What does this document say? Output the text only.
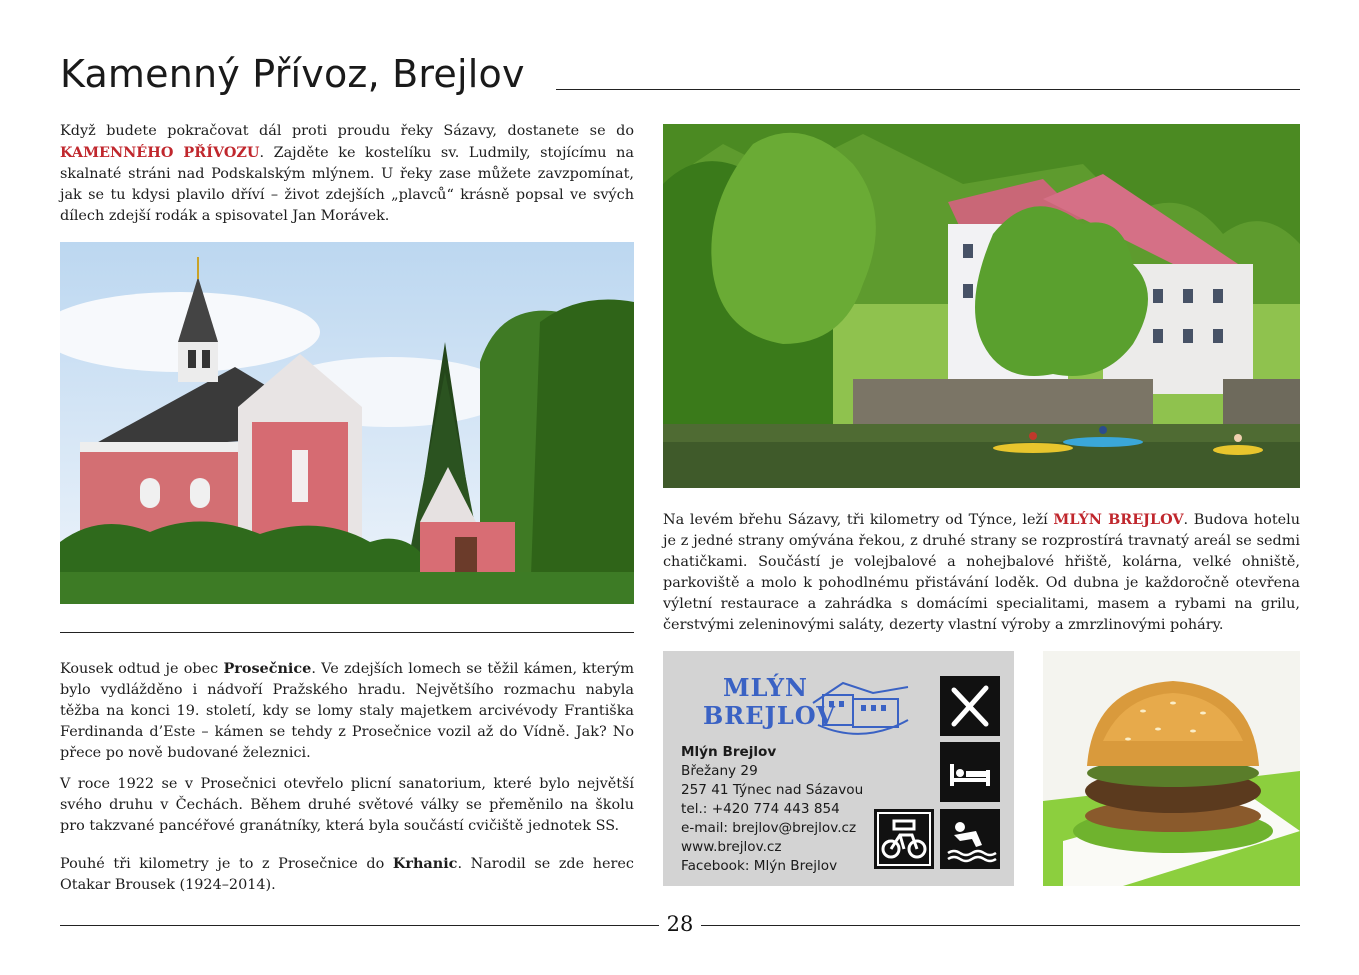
Kamenný Přívoz, Brejlov

Když budete pokračovat dál proti proudu řeky Sázavy, dostanete se do KAMENNÉHO PŘÍVOZU. Zajděte ke kostelíku sv. Ludmily, stojícímu na skalnaté stráni nad Podskalským mlýnem. U řeky zase můžete zavzpomínat, jak se tu kdysi plavilo dříví – život zdejších „plavců“ krásně popsal ve svých dílech zdejší rodák a spisovatel Jan Morávek.

Kousek odtud je obec Prosečnice. Ve zdejších lomech se těžil kámen, kterým bylo vydlážděno i nádvoří Pražského hradu. Největšího rozmachu nabyla těžba na konci 19. století, kdy se lomy staly majetkem arcivévody Františka Ferdinanda d’Este – kámen se tehdy z Prosečnice vozil až do Vídně. Jak? No přece po nově budované železnici.

V roce 1922 se v Prosečnici otevřelo plicní sanatorium, které bylo největší svého druhu v Čechách. Během druhé světové války se přeměnilo na školu pro takzvané pancéřové granátníky, která byla součástí cvičiště jednotek SS.

Pouhé tři kilometry je to z Prosečnice do Krhanic. Narodil se zde herec Otakar Brousek (1924–2014).

Na levém břehu Sázavy, tři kilometry od Týnce, leží MLÝN BREJLOV. Budova hotelu je z jedné strany omývána řekou, z druhé strany se rozprostírá travnatý areál se sedmi chatičkami. Součástí je volejbalové a nohejbalové hřiště, kolárna, velké ohniště, parkoviště a molo k pohodlnému přistávání loděk. Od dubna je každoročně otevřena výletní restaurace a zahrádka s domácími specialitami, masem a rybami na grilu, čerstvými zeleninovými saláty, dezerty vlastní výroby a zmrzlinovými poháry.

MLÝN
BREJLOV
Mlýn Brejlov
Břežany 29
257 41 Týnec nad Sázavou
tel.: +420 774 443 854
e-mail: brejlov@brejlov.cz
www.brejlov.cz
Facebook: Mlýn Brejlov
28
